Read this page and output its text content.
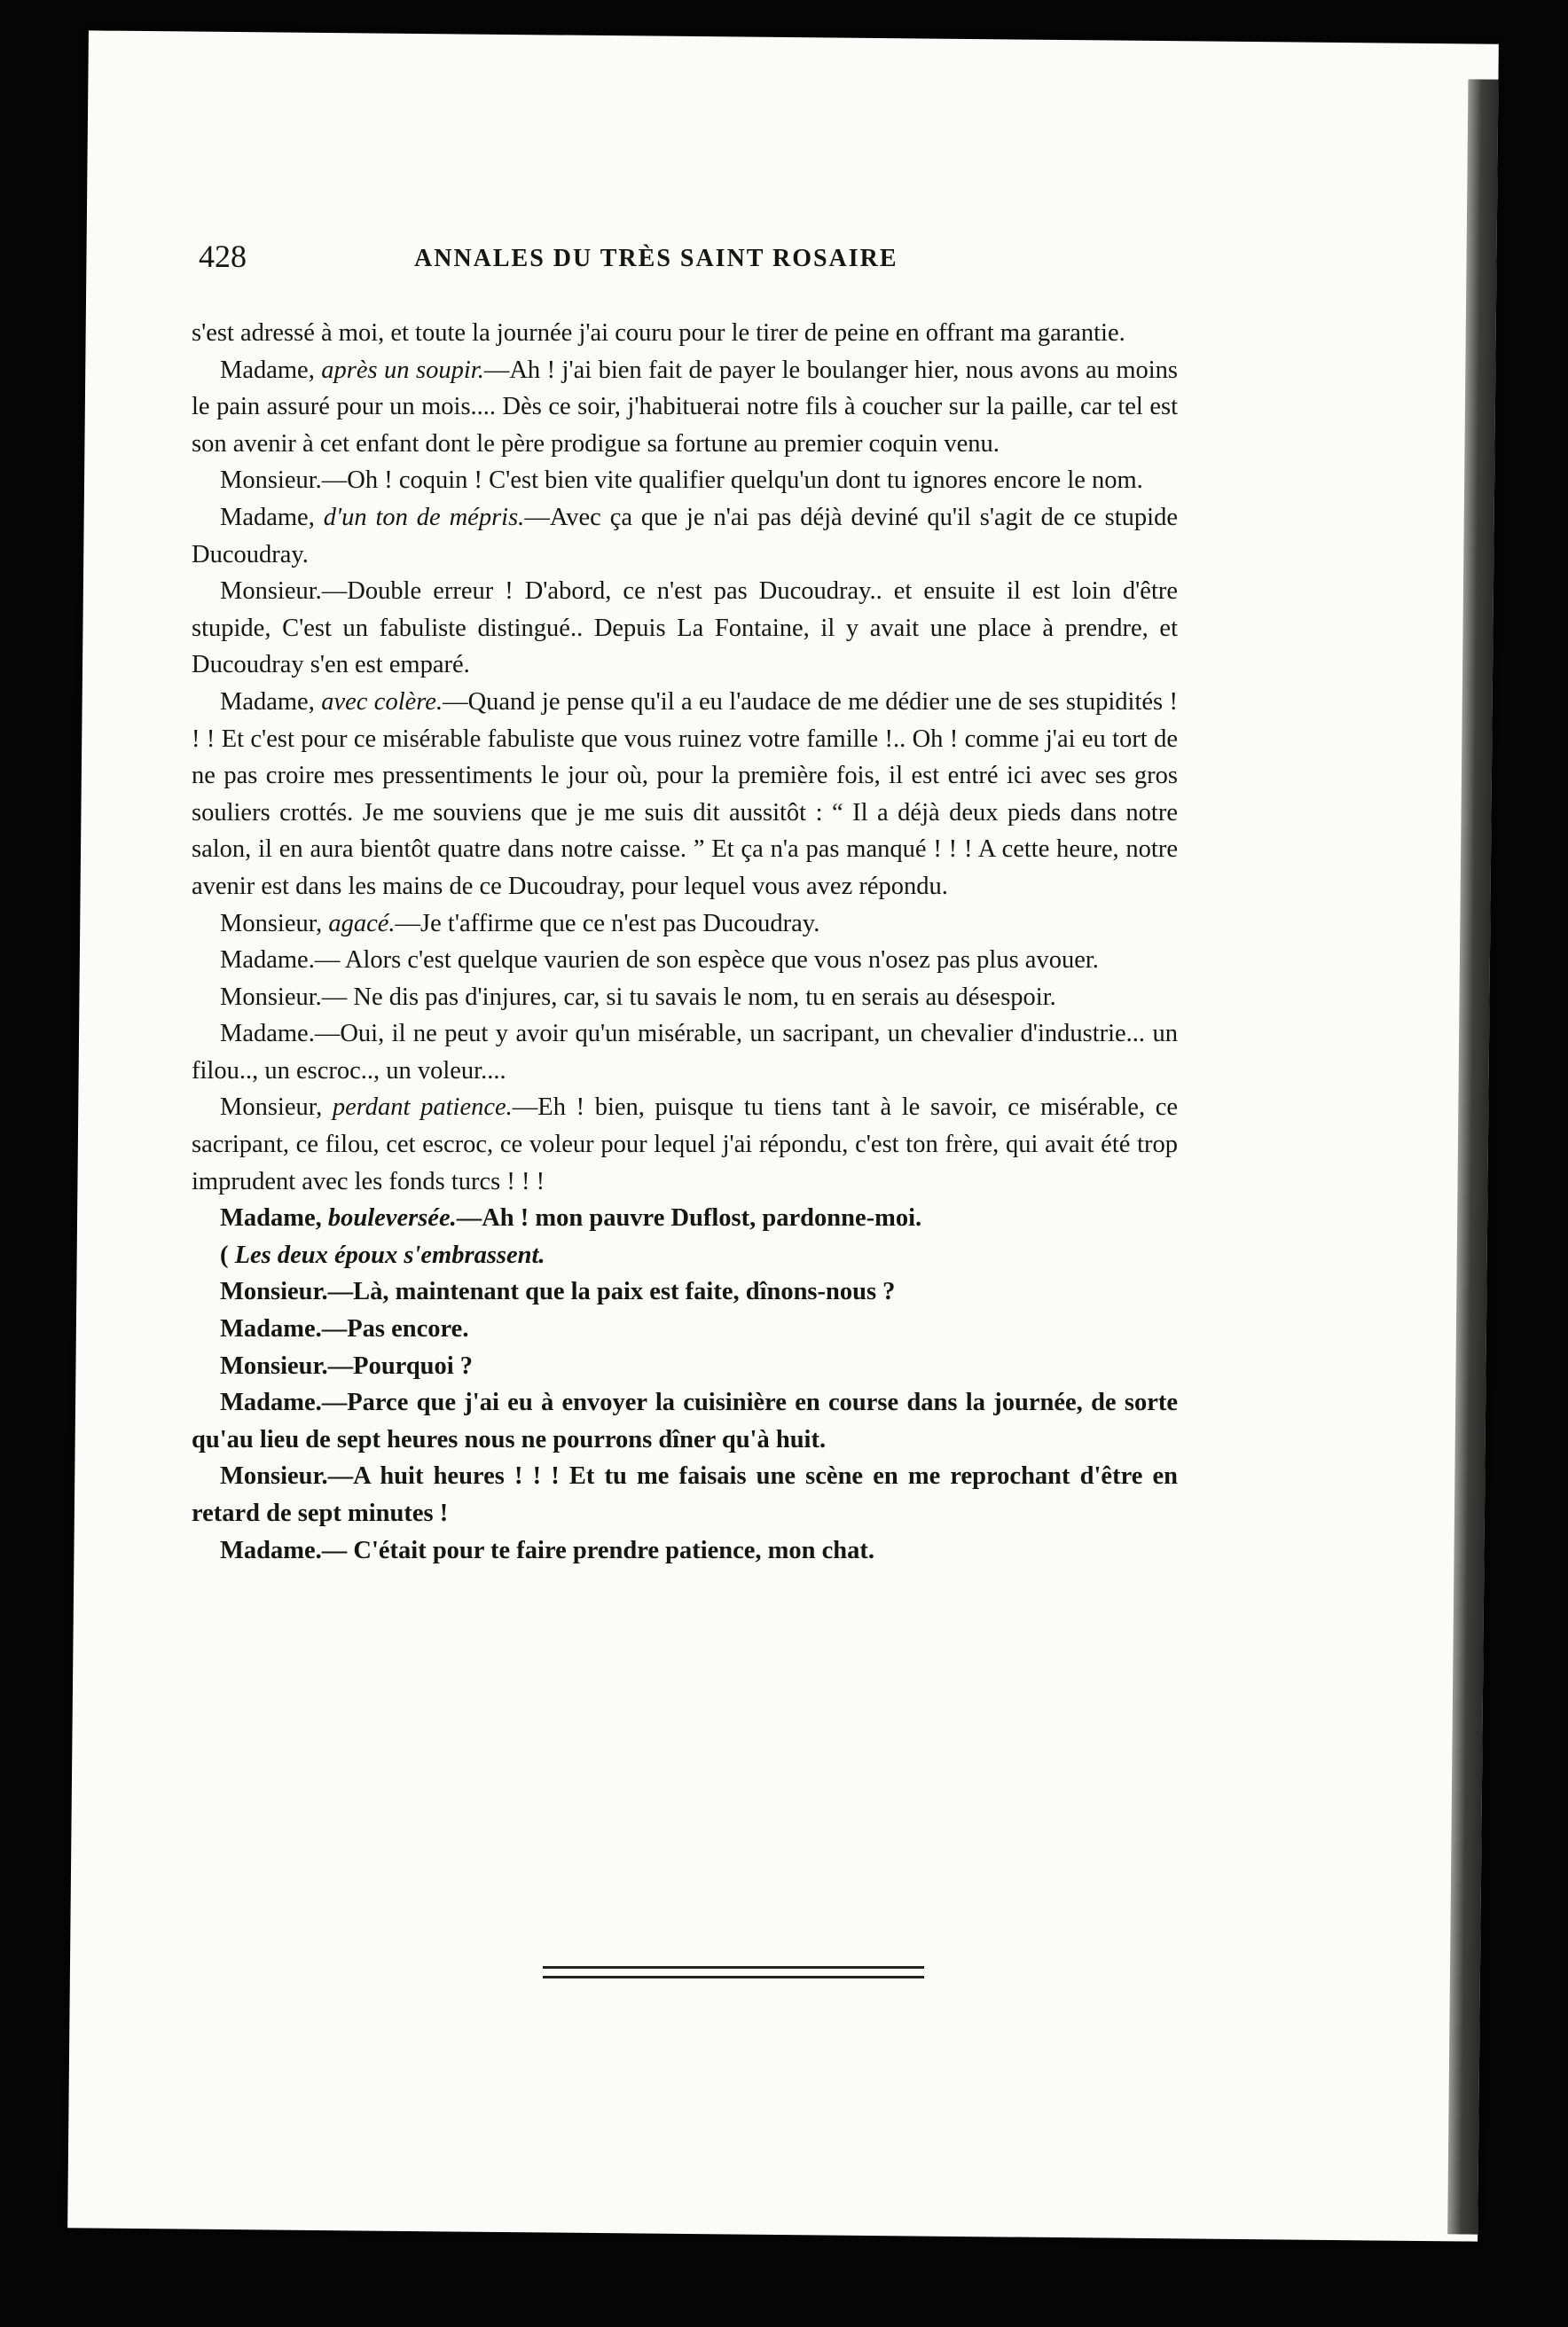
428	ANNALES DU TRÈS SAINT ROSAIRE

s'est adressé à moi, et toute la journée j'ai couru pour le tirer de peine en offrant ma garantie.

Madame, après un soupir.—Ah ! j'ai bien fait de payer le boulanger hier, nous avons au moins le pain assuré pour un mois.... Dès ce soir, j'habituerai notre fils à coucher sur la paille, car tel est son avenir à cet enfant dont le père prodigue sa fortune au premier coquin venu.

Monsieur.—Oh ! coquin ! C'est bien vite qualifier quelqu'un dont tu ignores encore le nom.

Madame, d'un ton de mépris.—Avec ça que je n'ai pas déjà deviné qu'il s'agit de ce stupide Ducoudray.

Monsieur.—Double erreur ! D'abord, ce n'est pas Ducoudray.. et ensuite il est loin d'être stupide, C'est un fabuliste distingué.. Depuis La Fontaine, il y avait une place à prendre, et Ducoudray s'en est emparé.

Madame, avec colère.—Quand je pense qu'il a eu l'audace de me dédier une de ses stupidités ! ! ! Et c'est pour ce misérable fabuliste que vous ruinez votre famille !.. Oh ! comme j'ai eu tort de ne pas croire mes pressentiments le jour où, pour la première fois, il est entré ici avec ses gros souliers crottés. Je me souviens que je me suis dit aussitôt : “ Il a déjà deux pieds dans notre salon, il en aura bientôt quatre dans notre caisse. ” Et ça n'a pas manqué ! ! ! A cette heure, notre avenir est dans les mains de ce Ducoudray, pour lequel vous avez répondu.

Monsieur, agacé.—Je t'affirme que ce n'est pas Ducoudray.

Madame.— Alors c'est quelque vaurien de son espèce que vous n'osez pas plus avouer.

Monsieur.— Ne dis pas d'injures, car, si tu savais le nom, tu en serais au désespoir.

Madame.—Oui, il ne peut y avoir qu'un misérable, un sacripant, un chevalier d'industrie... un filou.., un escroc.., un voleur....

Monsieur, perdant patience.—Eh ! bien, puisque tu tiens tant à le savoir, ce misérable, ce sacripant, ce filou, cet escroc, ce voleur pour lequel j'ai répondu, c'est ton frère, qui avait été trop imprudent avec les fonds turcs ! ! !

Madame, bouleversée.—Ah ! mon pauvre Duflost, pardonne-moi.

( Les deux époux s'embrassent.

Monsieur.—Là, maintenant que la paix est faite, dînons-nous ?

Madame.—Pas encore.

Monsieur.—Pourquoi ?

Madame.—Parce que j'ai eu à envoyer la cuisinière en course dans la journée, de sorte qu'au lieu de sept heures nous ne pourrons dîner qu'à huit.

Monsieur.—A huit heures ! ! ! Et tu me faisais une scène en me reprochant d'être en retard de sept minutes !

Madame.— C'était pour te faire prendre patience, mon chat.
